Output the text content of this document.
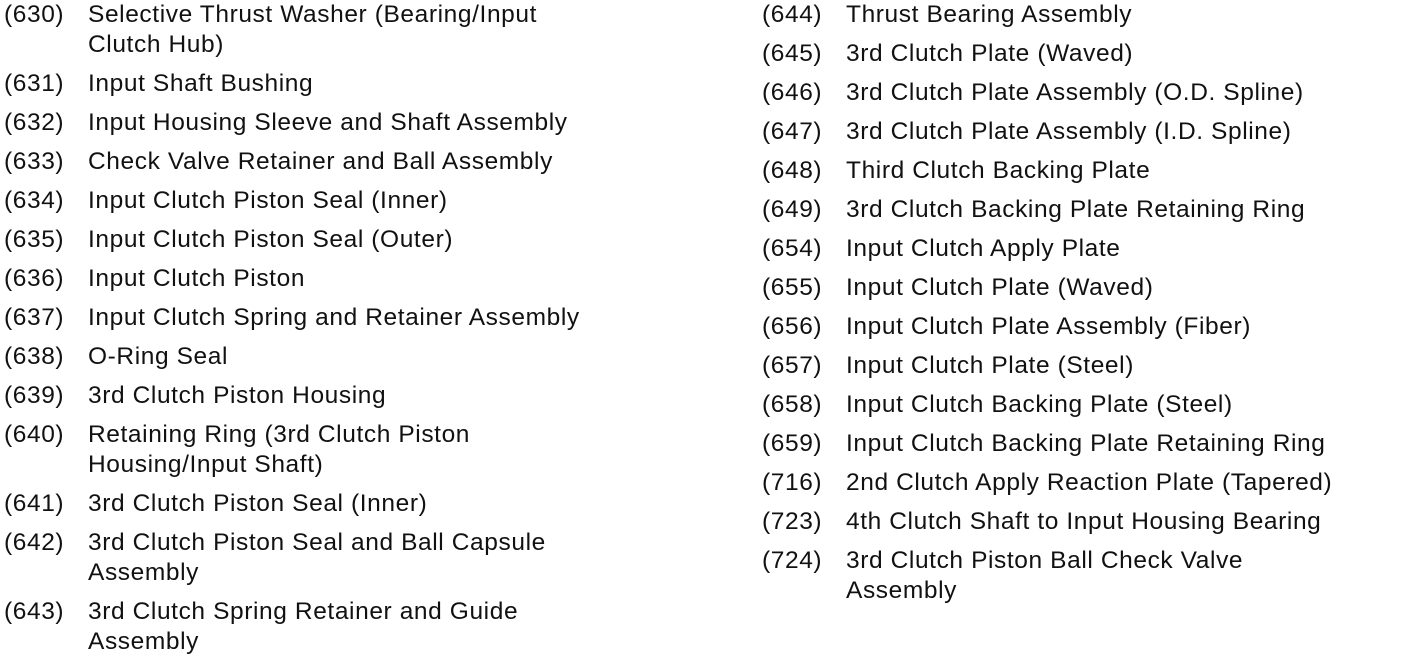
(630) Selective Thrust Washer (Bearing/Input
Clutch Hub)
(631) Input Shaft Bushing
(632) Input Housing Sleeve and Shaft Assembly
(633) Check Valve Retainer and Ball Assembly
(634) Input Clutch Piston Seal (Inner)
(635) Input Clutch Piston Seal (Outer)
(636) Input Clutch Piston
(637) Input Clutch Spring and Retainer Assembly
(638) O-Ring Seal
(639) 3rd Clutch Piston Housing
(640) Retaining Ring (3rd Clutch Piston
Housing/Input Shaft)
(641) 3rd Clutch Piston Seal (Inner)
(642) 3rd Clutch Piston Seal and Ball Capsule
Assembly
(643) 3rd Clutch Spring Retainer and Guide
Assembly
(644) Thrust Bearing Assembly
(645) 3rd Clutch Plate (Waved)
(646) 3rd Clutch Plate Assembly (O.D. Spline)
(647) 3rd Clutch Plate Assembly (I.D. Spline)
(648) Third Clutch Backing Plate
(649) 3rd Clutch Backing Plate Retaining Ring
(654) Input Clutch Apply Plate
(655) Input Clutch Plate (Waved)
(656) Input Clutch Plate Assembly (Fiber)
(657) Input Clutch Plate (Steel)
(658) Input Clutch Backing Plate (Steel)
(659) Input Clutch Backing Plate Retaining Ring
(716) 2nd Clutch Apply Reaction Plate (Tapered)
(723) 4th Clutch Shaft to Input Housing Bearing
(724) 3rd Clutch Piston Ball Check Valve
Assembly
